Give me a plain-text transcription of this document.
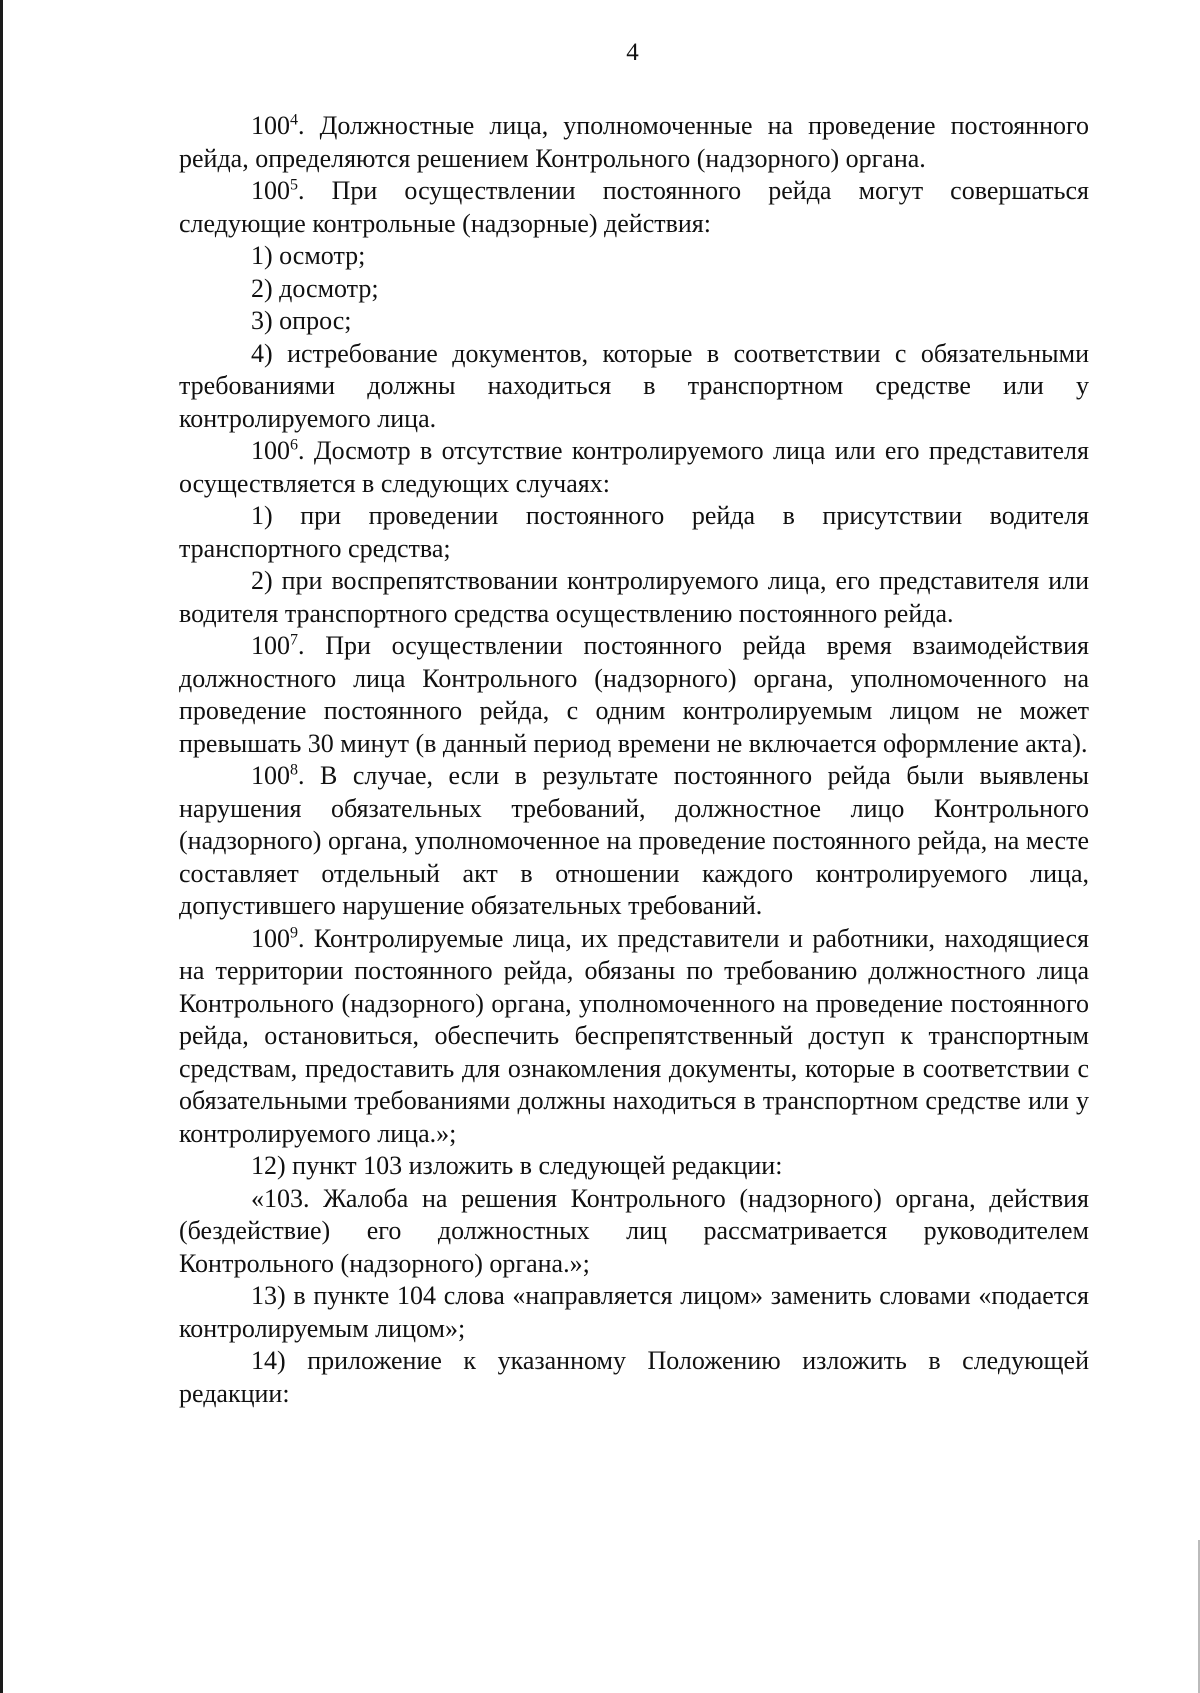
4

$100^4$. Должностные лица, уполномоченные на проведение постоянного рейда, определяются решением Контрольного (надзорного) органа.

$100^5$. При осуществлении постоянного рейда могут совершаться следующие контрольные (надзорные) действия:

1) осмотр;

2) досмотр;

3) опрос;

4) истребование документов, которые в соответствии с обязательными требованиями должны находиться в транспортном средстве или у контролируемого лица.

$100^6$. Досмотр в отсутствие контролируемого лица или его представителя осуществляется в следующих случаях:

1) при проведении постоянного рейда в присутствии водителя транспортного средства;

2) при воспрепятствовании контролируемого лица, его представителя или водителя транспортного средства осуществлению постоянного рейда.

$100^7$. При осуществлении постоянного рейда время взаимодействия должностного лица Контрольного (надзорного) органа, уполномоченного на проведение постоянного рейда, с одним контролируемым лицом не может превышать 30 минут (в данный период времени не включается оформление акта).

$100^8$. В случае, если в результате постоянного рейда были выявлены нарушения обязательных требований, должностное лицо Контрольного (надзорного) органа, уполномоченное на проведение постоянного рейда, на месте составляет отдельный акт в отношении каждого контролируемого лица, допустившего нарушение обязательных требований.

$100^9$. Контролируемые лица, их представители и работники, находящиеся на территории постоянного рейда, обязаны по требованию должностного лица Контрольного (надзорного) органа, уполномоченного на проведение постоянного рейда, остановиться, обеспечить беспрепятственный доступ к транспортным средствам, предоставить для ознакомления документы, которые в соответствии с обязательными требованиями должны находиться в транспортном средстве или у контролируемого лица.»;

12) пункт 103 изложить в следующей редакции:

«103. Жалоба на решения Контрольного (надзорного) органа, действия (бездействие) его должностных лиц рассматривается руководителем Контрольного (надзорного) органа.»;

13) в пункте 104 слова «направляется лицом» заменить словами «подается контролируемым лицом»;

14) приложение к указанному Положению изложить в следующей редакции:
